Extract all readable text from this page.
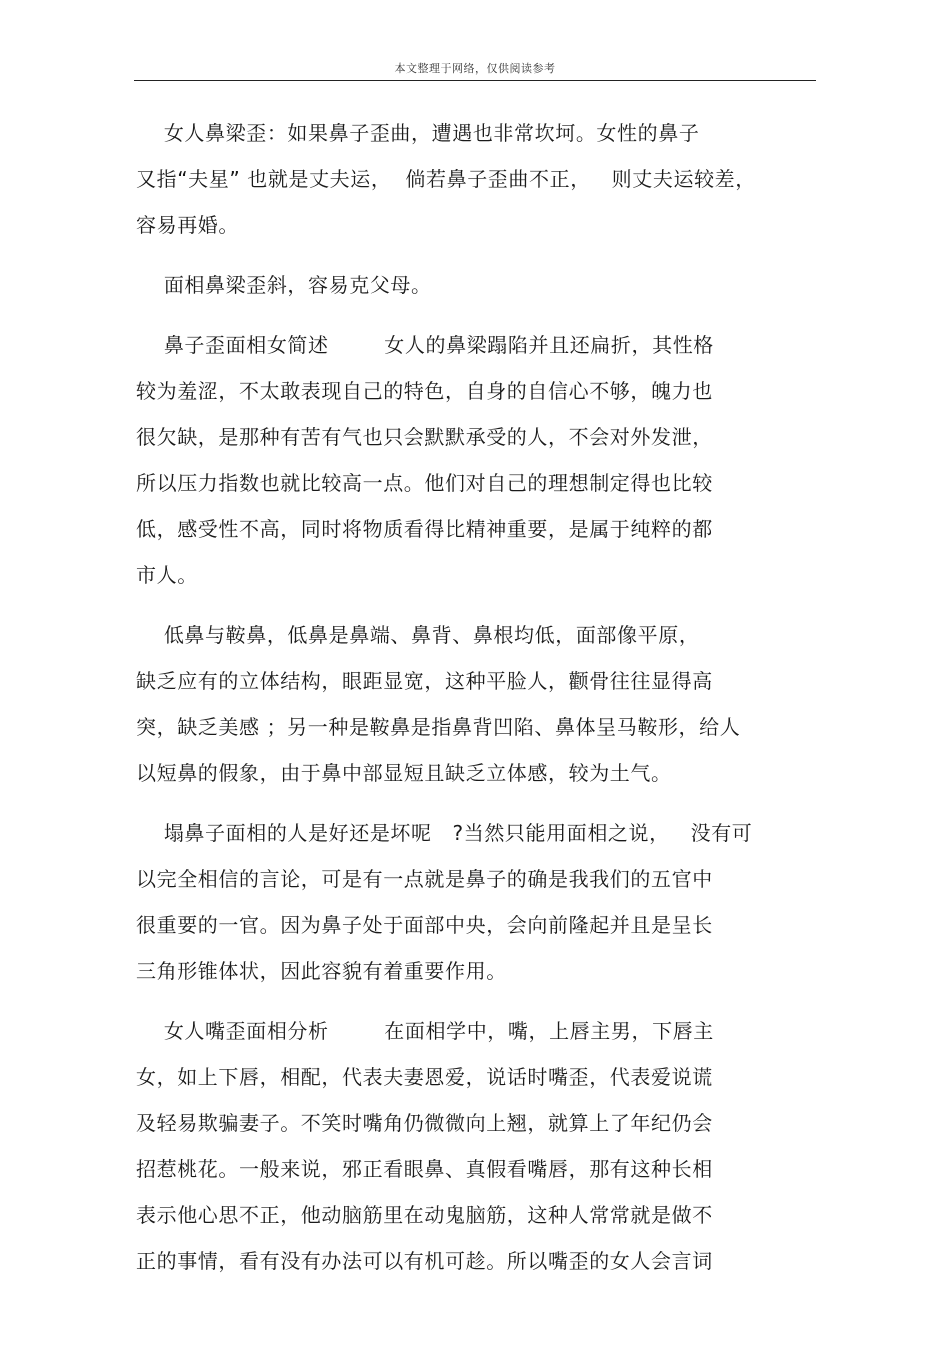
本文整理于网络，仅供阅读参考
女人鼻梁歪：如果鼻子歪曲，遭遇也非常坎坷。女性的鼻子
又指“夫星” 也就是丈夫运，  倘若鼻子歪曲不正，   则丈夫运较差，
容易再婚。
面相鼻梁歪斜，容易克父母。
鼻子歪面相女简述        女人的鼻梁蹋陷并且还扁折，其性格
较为羞涩，不太敢表现自己的特色，自身的自信心不够，魄力也
很欠缺，是那种有苦有气也只会默默承受的人，不会对外发泄，
所以压力指数也就比较高一点。他们对自己的理想制定得也比较
低，感受性不高，同时将物质看得比精神重要，是属于纯粹的都
市人。
低鼻与鞍鼻，低鼻是鼻端、鼻背、鼻根均低，面部像平原，
缺乏应有的立体结构，眼距显宽，这种平脸人，颧骨往往显得高
突，缺乏美感 ；另一种是鞍鼻是指鼻背凹陷、鼻体呈马鞍形，给人
以短鼻的假象，由于鼻中部显短且缺乏立体感，较为土气。
塌鼻子面相的人是好还是坏呢   ?当然只能用面相之说，   没有可
以完全相信的言论，可是有一点就是鼻子的确是我我们的五官中
很重要的一官。因为鼻子处于面部中央，会向前隆起并且是呈长
三角形锥体状，因此容貌有着重要作用。
女人嘴歪面相分析        在面相学中，嘴，上唇主男，下唇主
女，如上下唇，相配，代表夫妻恩爱，说话时嘴歪，代表爱说谎
及轻易欺骗妻子。不笑时嘴角仍微微向上翘，就算上了年纪仍会
招惹桃花。一般来说，邪正看眼鼻、真假看嘴唇，那有这种长相
表示他心思不正，他动脑筋里在动鬼脑筋，这种人常常就是做不
正的事情，看有没有办法可以有机可趁。所以嘴歪的女人会言词
